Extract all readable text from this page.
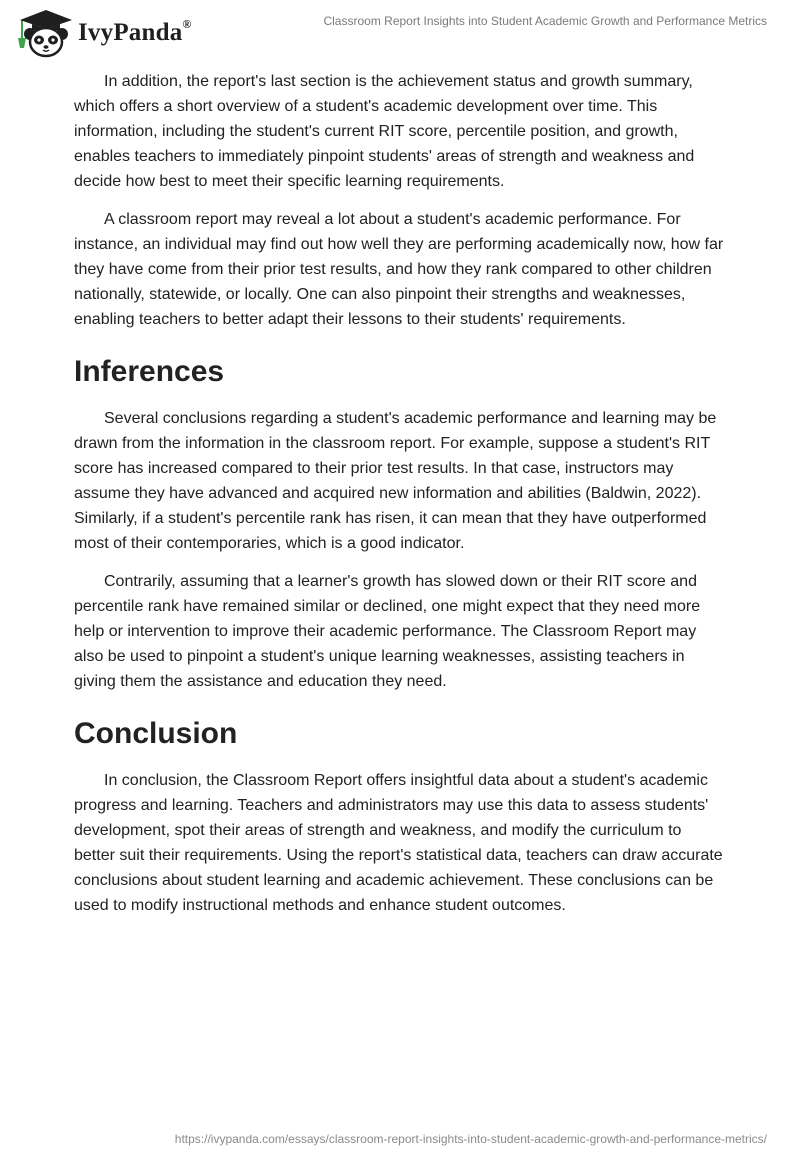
IvyPanda®	Classroom Report Insights into Student Academic Growth and Performance Metrics

In addition, the report's last section is the achievement status and growth summary, which offers a short overview of a student's academic development over time. This information, including the student's current RIT score, percentile position, and growth, enables teachers to immediately pinpoint students' areas of strength and weakness and decide how best to meet their specific learning requirements.

A classroom report may reveal a lot about a student's academic performance. For instance, an individual may find out how well they are performing academically now, how far they have come from their prior test results, and how they rank compared to other children nationally, statewide, or locally. One can also pinpoint their strengths and weaknesses, enabling teachers to better adapt their lessons to their students' requirements.

Inferences

Several conclusions regarding a student's academic performance and learning may be drawn from the information in the classroom report. For example, suppose a student's RIT score has increased compared to their prior test results. In that case, instructors may assume they have advanced and acquired new information and abilities (Baldwin, 2022). Similarly, if a student's percentile rank has risen, it can mean that they have outperformed most of their contemporaries, which is a good indicator.

Contrarily, assuming that a learner's growth has slowed down or their RIT score and percentile rank have remained similar or declined, one might expect that they need more help or intervention to improve their academic performance. The Classroom Report may also be used to pinpoint a student's unique learning weaknesses, assisting teachers in giving them the assistance and education they need.

Conclusion

In conclusion, the Classroom Report offers insightful data about a student's academic progress and learning. Teachers and administrators may use this data to assess students' development, spot their areas of strength and weakness, and modify the curriculum to better suit their requirements. Using the report's statistical data, teachers can draw accurate conclusions about student learning and academic achievement. These conclusions can be used to modify instructional methods and enhance student outcomes.

https://ivypanda.com/essays/classroom-report-insights-into-student-academic-growth-and-performance-metrics/
